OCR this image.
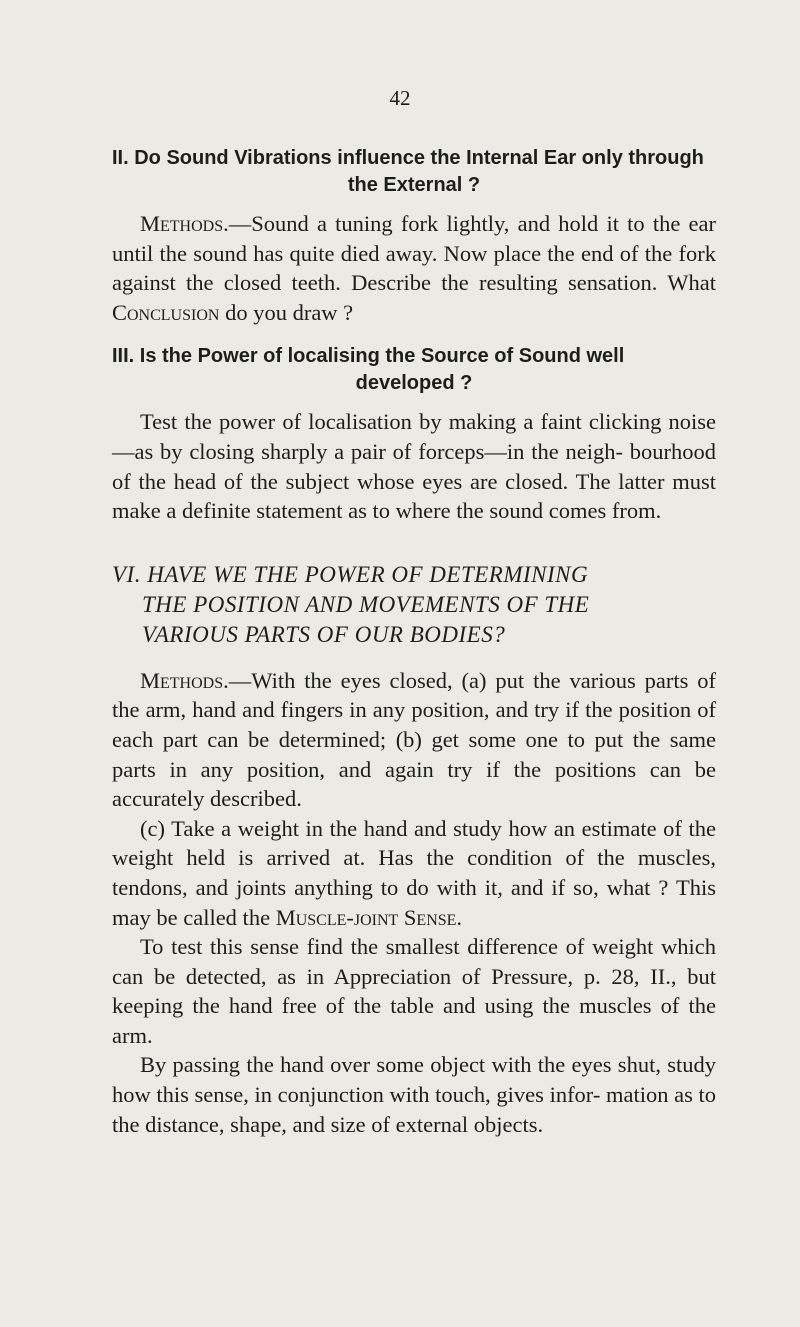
42

II. Do Sound Vibrations influence the Internal Ear only through

the External ?

Methods.—Sound a tuning fork lightly, and hold it to the ear until the sound has quite died away. Now place the end of the fork against the closed teeth. Describe the resulting sensation. What Conclusion do you draw ?

III. Is the Power of localising the Source of Sound well

developed ?

Test the power of localisation by making a faint clicking noise—as by closing sharply a pair of forceps—in the neigh- bourhood of the head of the subject whose eyes are closed. The latter must make a definite statement as to where the sound comes from.

VI. HAVE WE THE POWER OF DETERMINING
THE POSITION AND MOVEMENTS OF THE
VARIOUS PARTS OF OUR BODIES?

Methods.—With the eyes closed, (a) put the various parts of the arm, hand and fingers in any position, and try if the position of each part can be determined; (b) get some one to put the same parts in any position, and again try if the positions can be accurately described.

(c) Take a weight in the hand and study how an estimate of the weight held is arrived at. Has the condition of the muscles, tendons, and joints anything to do with it, and if so, what ? This may be called the Muscle-joint Sense.

To test this sense find the smallest difference of weight which can be detected, as in Appreciation of Pressure, p. 28, II., but keeping the hand free of the table and using the muscles of the arm.

By passing the hand over some object with the eyes shut, study how this sense, in conjunction with touch, gives infor- mation as to the distance, shape, and size of external objects.
